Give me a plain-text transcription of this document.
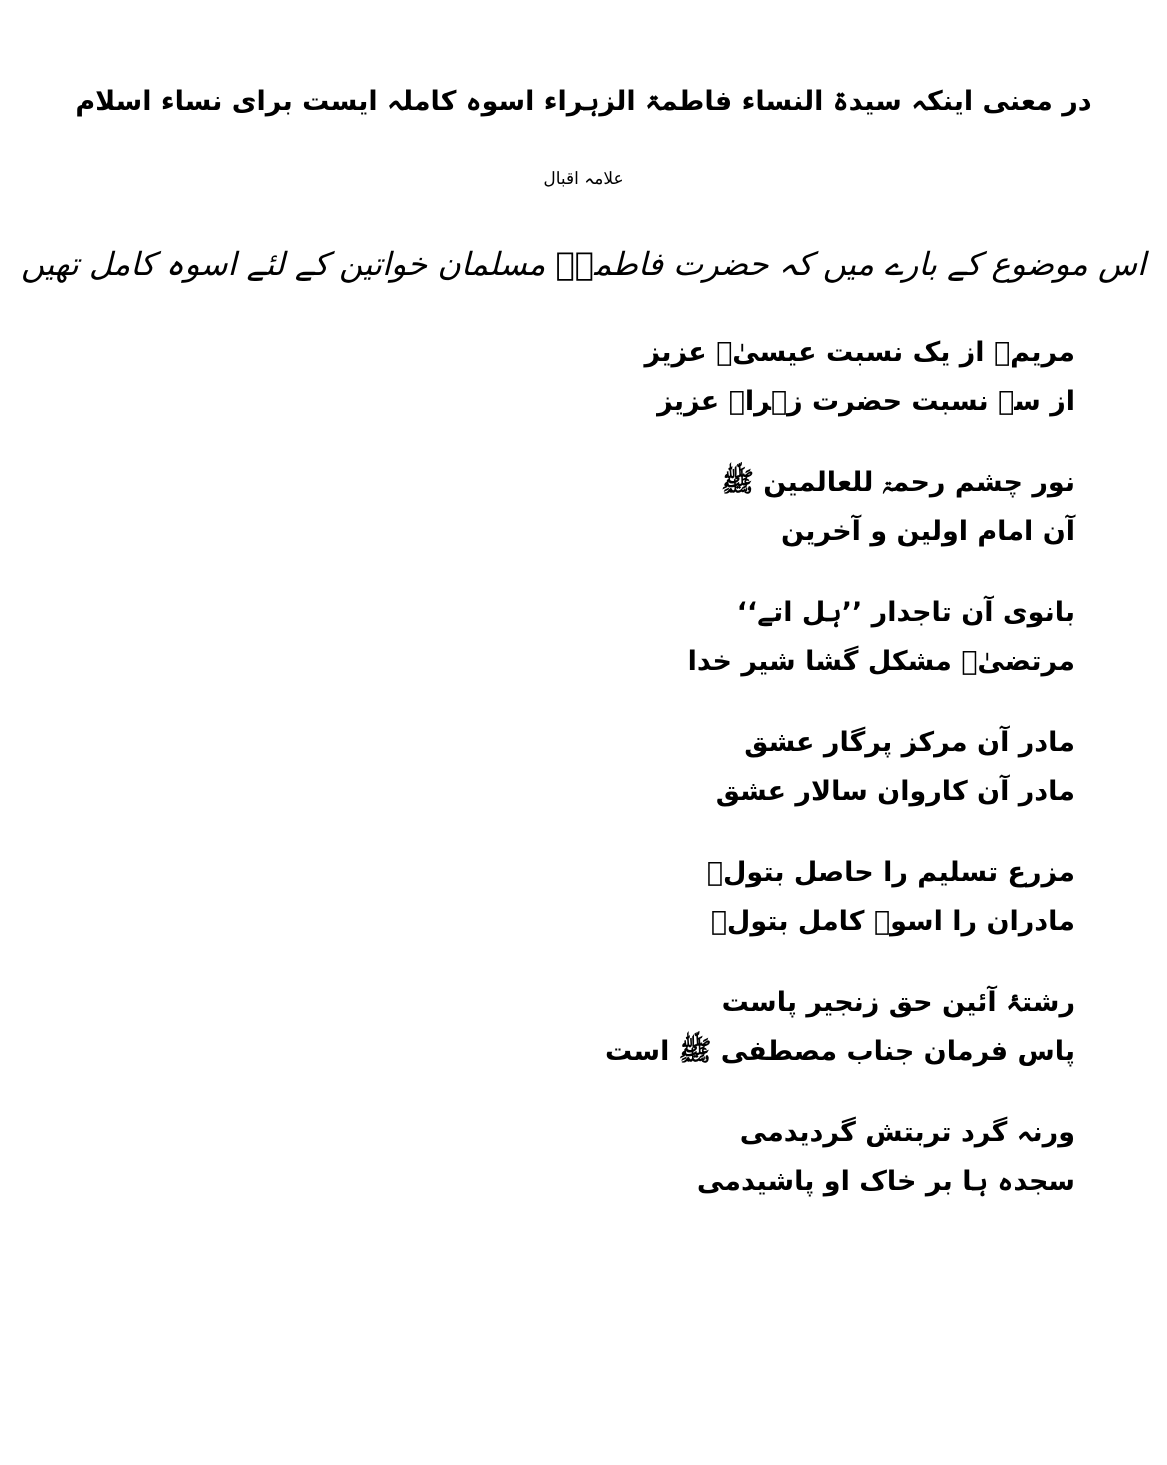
در معنی اینکہ سیدۃ النساء فاطمۃ الزہراء اسوہ کاملہ ایست برای نساء اسلام
علامہ اقبال
اس موضوع کے بارے میں کہ حضرت فاطمہؓ مسلمان خواتین کے لئے اسوہ کامل تھیں
مریمؑ از یک نسبت عیسیٰؑ عزیز
از سہ نسبت حضرت زہراؑ عزیز
نور چشم رحمۃ للعالمین ﷺ
آن امام اولین و آخرین
بانوی آن تاجدار ’’ہل اتے‘‘
مرتضیٰؑ مشکل گشا شیر خدا
مادر آن مرکز پرگار عشق
مادر آن کاروان سالار عشق
مزرع تسلیم را حاصل بتولؑ
مادران را اسوۂ کامل بتولؑ
رشتۂ آئین حق زنجیر پاست
پاس فرمان جناب مصطفی ﷺ است
ورنہ گرد تربتش گردیدمی
سجدہ ہا بر خاک او پاشیدمی
